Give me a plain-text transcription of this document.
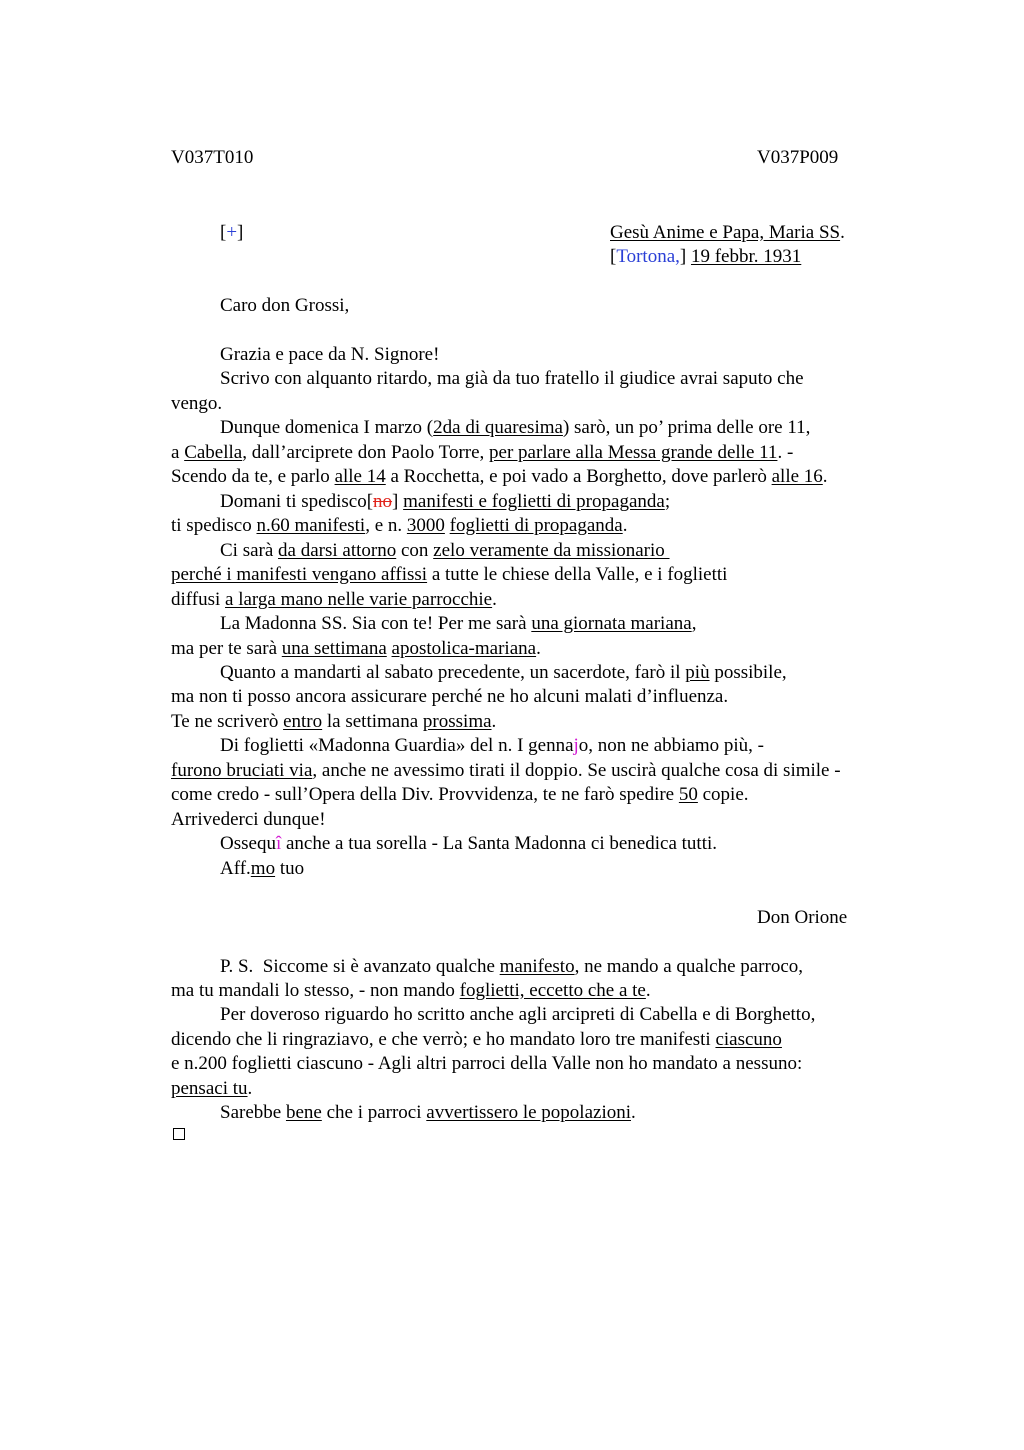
V037T010	V037P009
[+]	Gesù Anime e Papa, Maria SS.
[Tortona,] 19 febbr. 1931
Caro don Grossi,
Grazia e pace da N. Signore!
Scrivo con alquanto ritardo, ma già da tuo fratello il giudice avrai saputo che
vengo.
Dunque domenica I marzo (2da di quaresima) sarò, un po’ prima delle ore 11,
a Cabella, dall’arciprete don Paolo Torre, per parlare alla Messa grande delle 11. -
Scendo da te, e parlo alle 14 a Rocchetta, e poi vado a Borghetto, dove parlerò alle 16.
Domani ti spedisco[no] manifesti e foglietti di propaganda;
ti spedisco n.60 manifesti, e n. 3000 foglietti di propaganda.
Ci sarà da darsi attorno con zelo veramente da missionario
perché i manifesti vengano affissi a tutte le chiese della Valle, e i foglietti
diffusi a larga mano nelle varie parrocchie.
La Madonna SS. Sia con te! Per me sarà una giornata mariana,
ma per te sarà una settimana apostolica-mariana.
Quanto a mandarti al sabato precedente, un sacerdote, farò il più possibile,
ma non ti posso ancora assicurare perché ne ho alcuni malati d’influenza.
Te ne scriverò entro la settimana prossima.
Di foglietti «Madonna Guardia» del n. I gennajo, non ne abbiamo più, -
furono bruciati via, anche ne avessimo tirati il doppio. Se uscirà qualche cosa di simile -
come credo - sull’Opera della Div. Provvidenza, te ne farò spedire 50 copie.
Arrivederci dunque!
Ossequî anche a tua sorella - La Santa Madonna ci benedica tutti.
Aff.mo tuo
Don Orione
P. S.  Siccome si è avanzato qualche manifesto, ne mando a qualche parroco,
ma tu mandali lo stesso, - non mando foglietti, eccetto che a te.
Per doveroso riguardo ho scritto anche agli arcipreti di Cabella e di Borghetto,
dicendo che li ringraziavo, e che verrò; e ho mandato loro tre manifesti ciascuno
e n.200 foglietti ciascuno - Agli altri parroci della Valle non ho mandato a nessuno:
pensaci tu.
Sarebbe bene che i parroci avvertissero le popolazioni.
